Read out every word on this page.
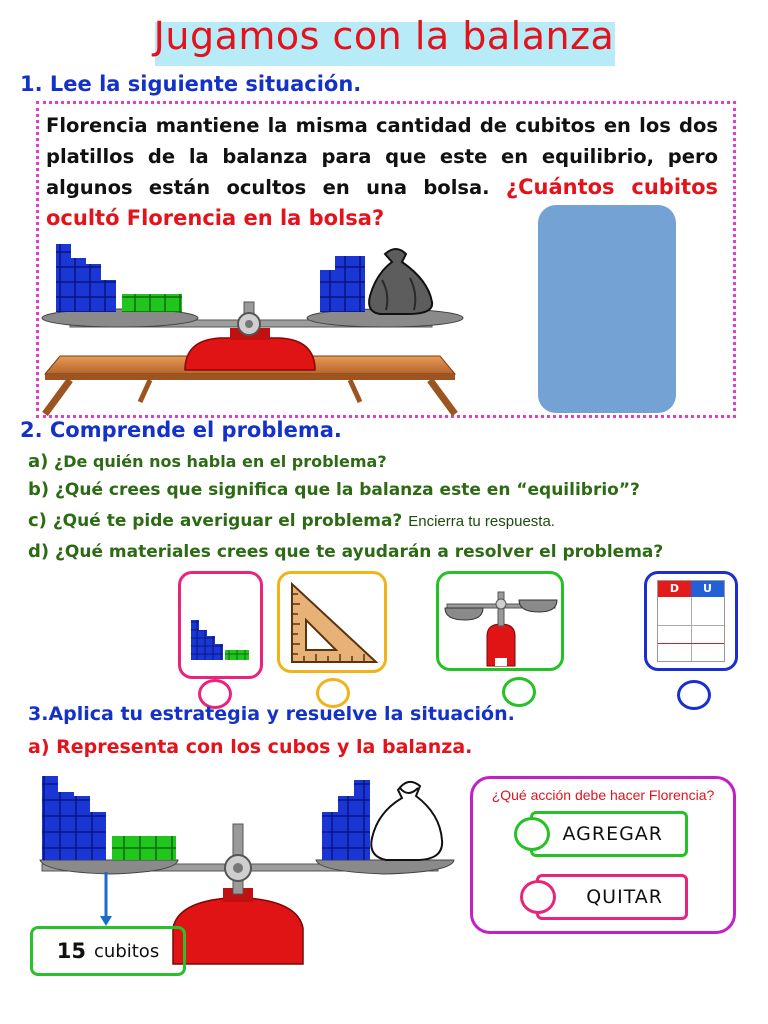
Jugamos con la balanza
1. Lee la siguiente situación.
Florencia mantiene la misma cantidad de cubitos en los dos platillos de la balanza para que este en equilibrio, pero algunos están ocultos en una bolsa. ¿Cuántos cubitos ocultó Florencia en la bolsa?
2. Comprende el problema.
a) ¿De quién nos habla en el problema?
b) ¿Qué crees que significa que la balanza este en “equilibrio”?
c) ¿Qué te pide averiguar el problema? Encierra tu respuesta.
d) ¿Qué materiales crees que te ayudarán a resolver el problema?
D	U
3.Aplica tu estrategia y resuelve la situación.
a) Representa con los cubos y la balanza.
15 cubitos
¿Qué acción debe hacer Florencia?
AGREGAR
QUITAR
